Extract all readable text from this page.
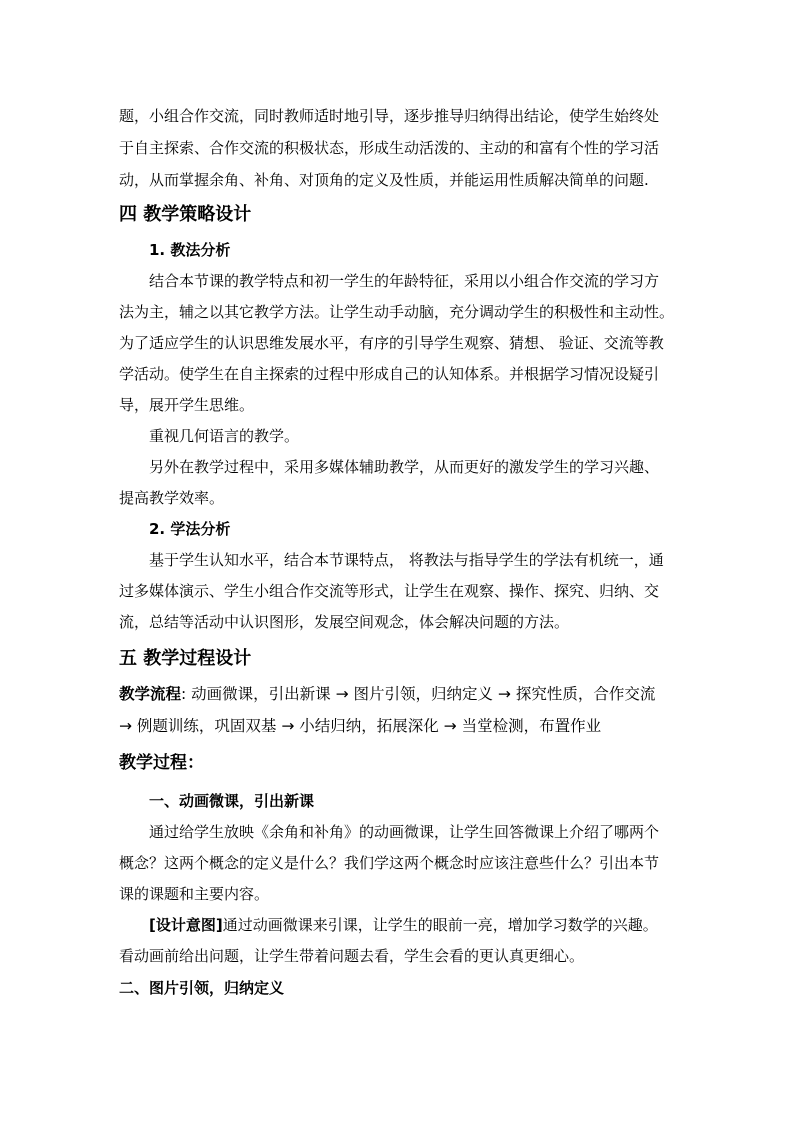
题，小组合作交流，同时教师适时地引导，逐步推导归纳得出结论，使学生始终处
于自主探索、合作交流的积极状态，形成生动活泼的、主动的和富有个性的学习活
动，从而掌握余角、补角、对顶角的定义及性质，并能运用性质解决简单的问题.
四 教学策略设计
1. 教法分析
结合本节课的教学特点和初一学生的年龄特征，采用以小组合作交流的学习方
法为主，辅之以其它教学方法。让学生动手动脑，充分调动学生的积极性和主动性。
为了适应学生的认识思维发展水平，有序的引导学生观察、猜想、 验证、交流等教
学活动。使学生在自主探索的过程中形成自己的认知体系。并根据学习情况设疑引
导，展开学生思维。
重视几何语言的教学。
另外在教学过程中，采用多媒体辅助教学，从而更好的激发学生的学习兴趣、
提高教学效率。
2. 学法分析
基于学生认知水平，结合本节课特点， 将教法与指导学生的学法有机统一，通
过多媒体演示、学生小组合作交流等形式，让学生在观察、操作、探究、归纳、交
流，总结等活动中认识图形，发展空间观念，体会解决问题的方法。
五 教学过程设计
教学流程: 动画微课，引出新课 → 图片引领，归纳定义 → 探究性质，合作交流
→ 例题训练，巩固双基 → 小结归纳，拓展深化 → 当堂检测，布置作业
教学过程：
一、动画微课，引出新课
通过给学生放映《余角和补角》的动画微课，让学生回答微课上介绍了哪两个
概念？这两个概念的定义是什么？我们学这两个概念时应该注意些什么？引出本节
课的课题和主要内容。
[设计意图]通过动画微课来引课，让学生的眼前一亮，增加学习数学的兴趣。
看动画前给出问题，让学生带着问题去看，学生会看的更认真更细心。
二、图片引领，归纳定义
